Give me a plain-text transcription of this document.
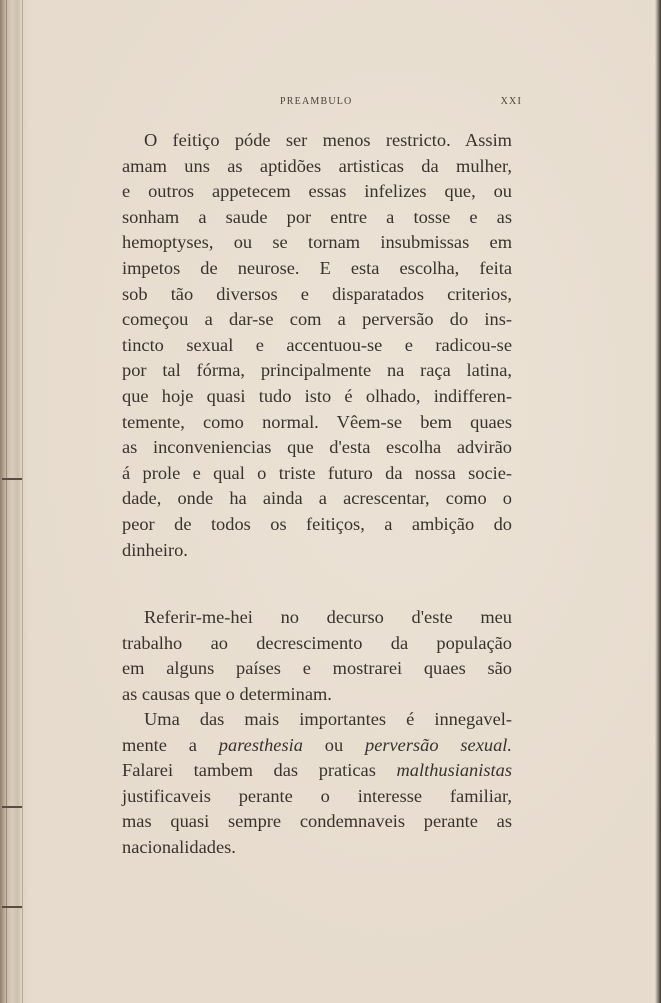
PREAMBULO	XXI
O feitiço póde ser menos restricto. Assim
amam uns as aptidões artisticas da mulher,
e outros appetecem essas infelizes que, ou
sonham a saude por entre a tosse e as
hemoptyses, ou se tornam insubmissas em
impetos de neurose. E esta escolha, feita
sob tão diversos e disparatados criterios,
começou a dar-se com a perversão do ins-
tincto sexual e accentuou-se e radicou-se
por tal fórma, principalmente na raça latina,
que hoje quasi tudo isto é olhado, indifferen-
temente, como normal. Vêem-se bem quaes
as inconveniencias que d'esta escolha advirão
á prole e qual o triste futuro da nossa socie-
dade, onde ha ainda a acrescentar, como o
peor de todos os feitiços, a ambição do
dinheiro.
Referir-me-hei no decurso d'este meu
trabalho ao decrescimento da população
em alguns países e mostrarei quaes são
as causas que o determinam.
Uma das mais importantes é innegavel-
mente a paresthesia ou perversão sexual.
Falarei tambem das praticas malthusianistas
justificaveis perante o interesse familiar,
mas quasi sempre condemnaveis perante as
nacionalidades.
